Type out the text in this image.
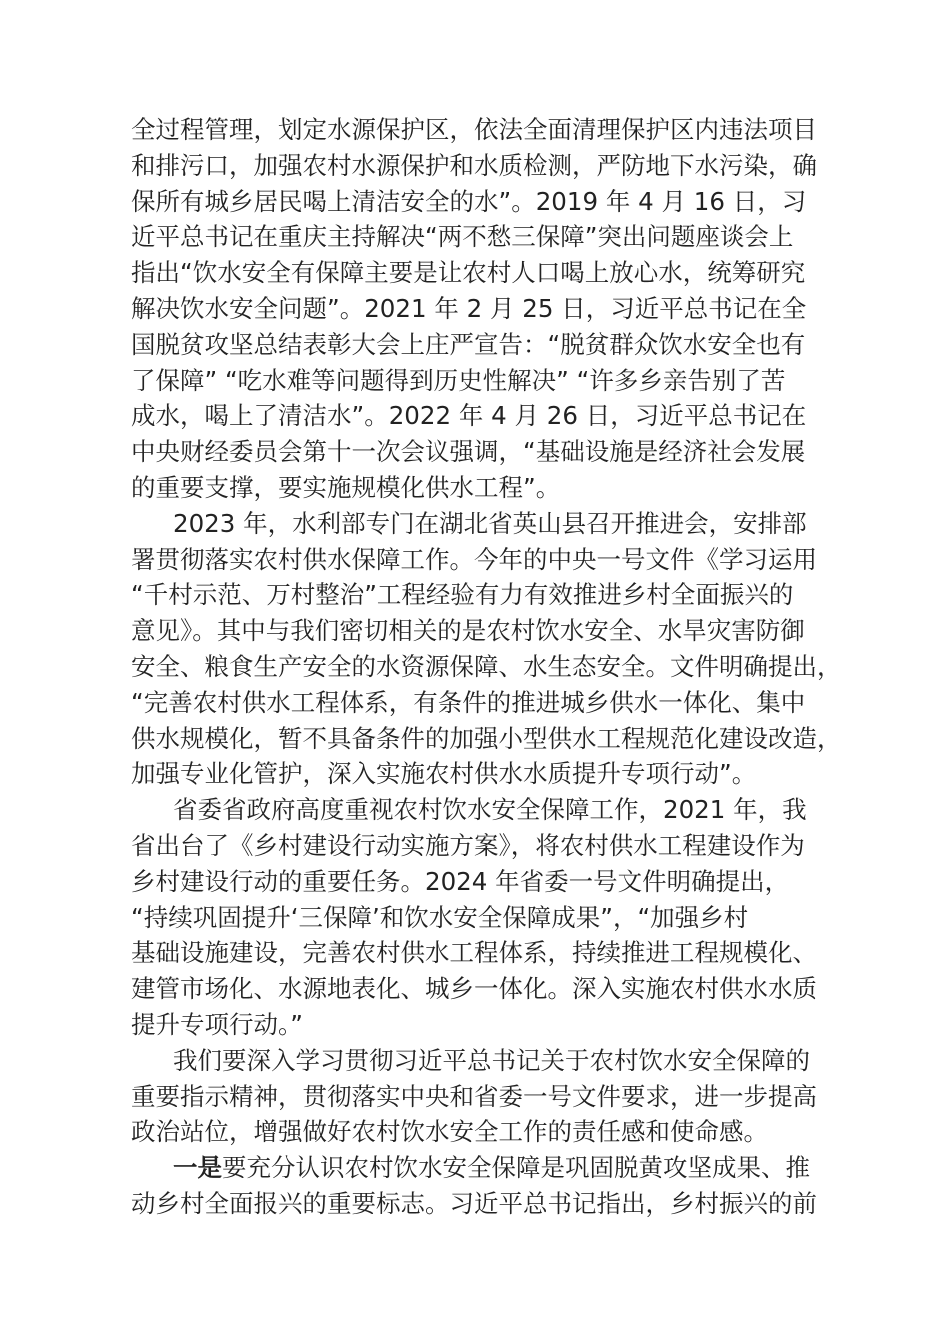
全过程管理，划定水源保护区，依法全面清理保护区内违法项目
和排污口，加强农村水源保护和水质检测，严防地下水污染，确
保所有城乡居民喝上清洁安全的水”。2019 年 4 月 16 日，习
近平总书记在重庆主持解决“两不愁三保障”突出问题座谈会上
指出“饮水安全有保障主要是让农村人口喝上放心水，统筹研究
解决饮水安全问题”。2021 年 2 月 25 日，习近平总书记在全
国脱贫攻坚总结表彰大会上庄严宣告：“脱贫群众饮水安全也有
了保障” “吃水难等问题得到历史性解决” “许多乡亲告别了苦
成水，喝上了清洁水”。2022 年 4 月 26 日，习近平总书记在
中央财经委员会第十一次会议强调，“基础设施是经济社会发展
的重要支撑，要实施规模化供水工程”。
2023 年，水利部专门在湖北省英山县召开推进会，安排部
署贯彻落实农村供水保障工作。今年的中央一号文件《学习运用
“千村示范、万村整治”工程经验有力有效推进乡村全面振兴的
意见》。其中与我们密切相关的是农村饮水安全、水旱灾害防御
安全、粮食生产安全的水资源保障、水生态安全。文件明确提出，
“完善农村供水工程体系，有条件的推进城乡供水一体化、集中
供水规模化，暂不具备条件的加强小型供水工程规范化建设改造，
加强专业化管护，深入实施农村供水水质提升专项行动”。
省委省政府高度重视农村饮水安全保障工作，2021 年，我
省出台了《乡村建设行动实施方案》，将农村供水工程建设作为
乡村建设行动的重要任务。2024 年省委一号文件明确提出，
“持续巩固提升‘三保障’和饮水安全保障成果”，“加强乡村
基础设施建设，完善农村供水工程体系，持续推进工程规模化、
建管市场化、水源地表化、城乡一体化。深入实施农村供水水质
提升专项行动。”
我们要深入学习贯彻习近平总书记关于农村饮水安全保障的
重要指示精神，贯彻落实中央和省委一号文件要求，进一步提高
政治站位，增强做好农村饮水安全工作的责任感和使命感。
一是要充分认识农村饮水安全保障是巩固脱黄攻坚成果、推
动乡村全面报兴的重要标志。习近平总书记指出，乡村振兴的前
